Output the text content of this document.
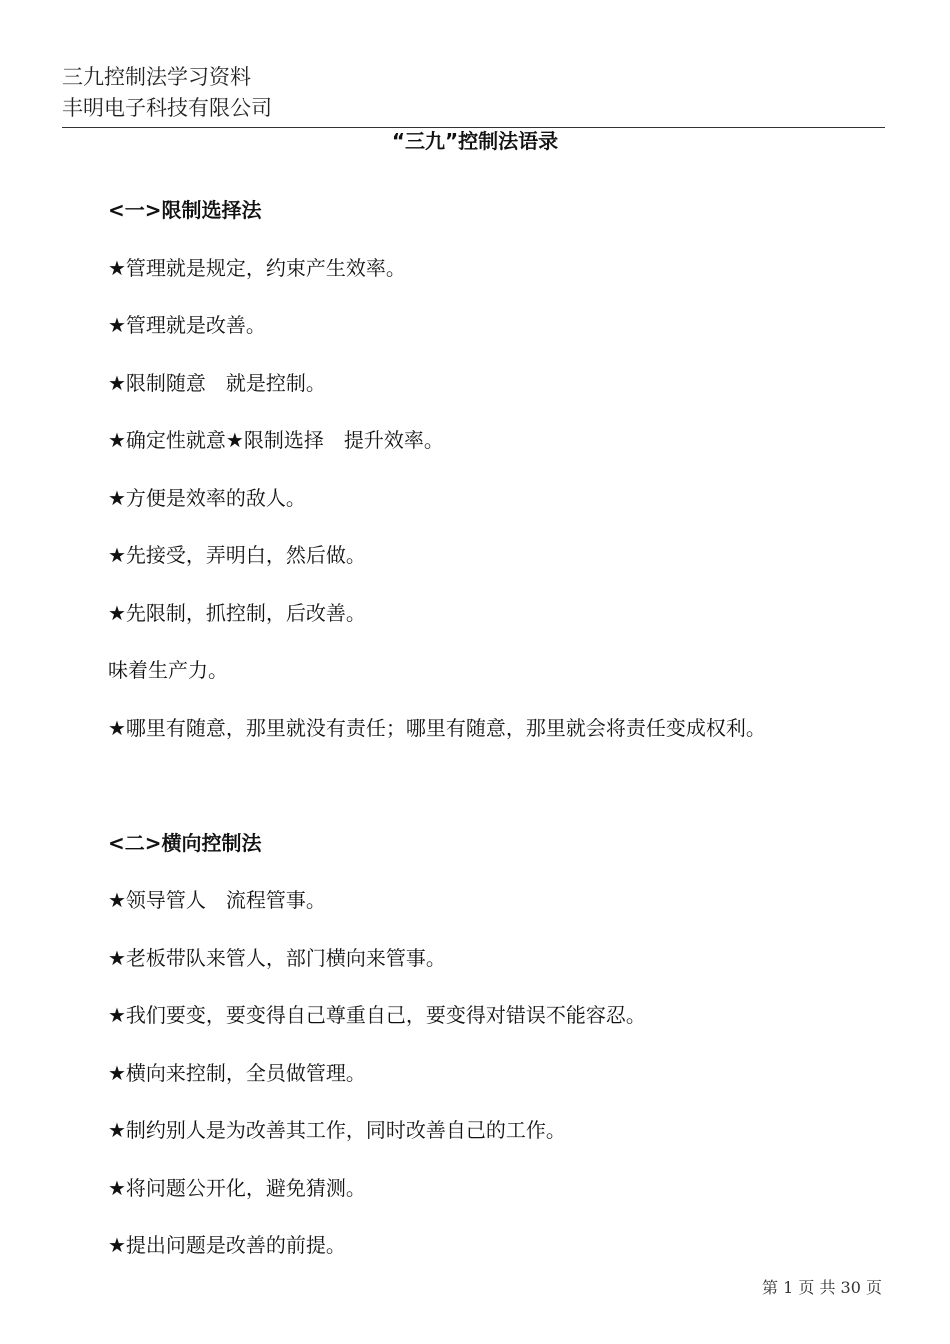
三九控制法学习资料
丰明电子科技有限公司
“三九”控制法语录
<一>限制选择法
★管理就是规定，约束产生效率。
★管理就是改善。
★限制随意　就是控制。
★确定性就意★限制选择　提升效率。
★方便是效率的敌人。
★先接受，弄明白，然后做。
★先限制，抓控制，后改善。
味着生产力。
★哪里有随意，那里就没有责任；哪里有随意，那里就会将责任变成权利。
<二>横向控制法
★领导管人　流程管事。
★老板带队来管人，部门横向来管事。
★我们要变，要变得自己尊重自己，要变得对错误不能容忍。
★横向来控制，全员做管理。
★制约别人是为改善其工作，同时改善自己的工作。
★将问题公开化，避免猜测。
★提出问题是改善的前提。
第 1 页 共 30 页
